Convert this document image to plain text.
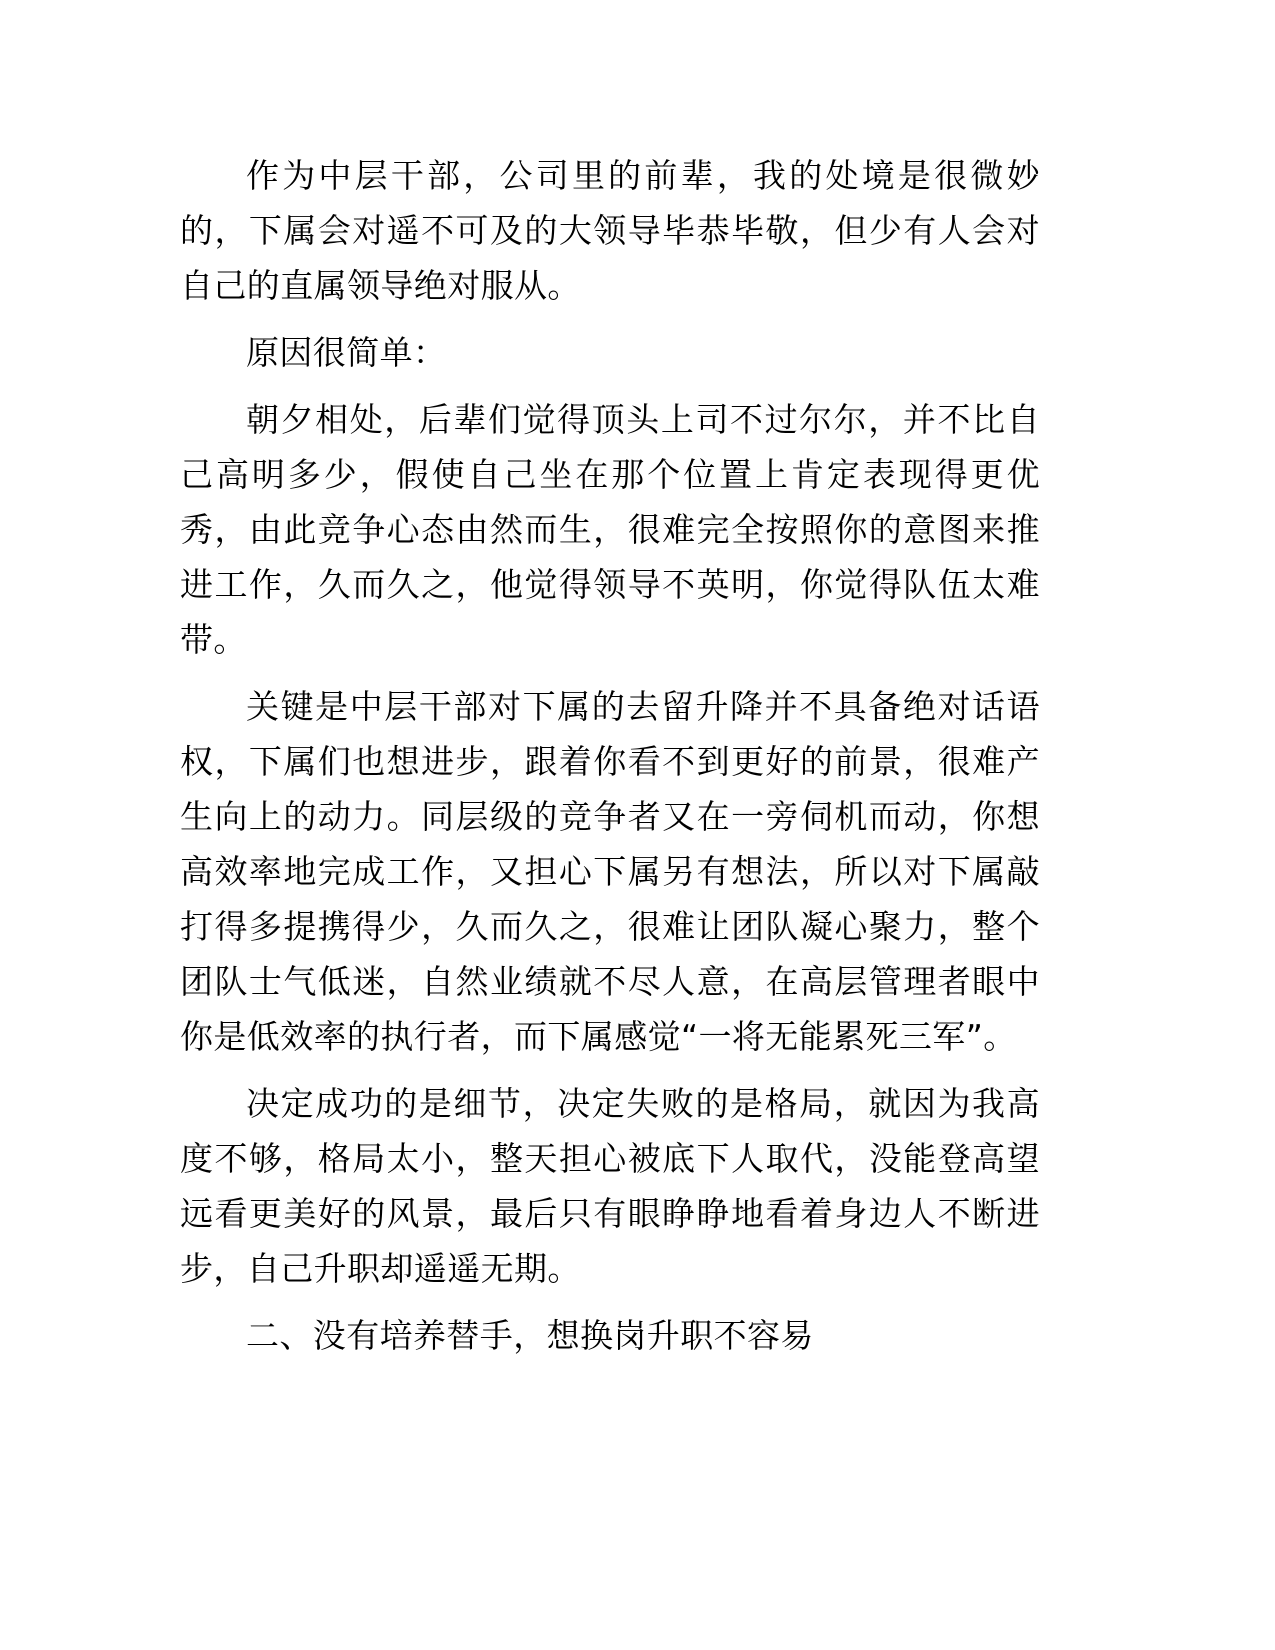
作为中层干部，公司里的前辈，我的处境是很微妙的，下属会对遥不可及的大领导毕恭毕敬，但少有人会对自己的直属领导绝对服从。

原因很简单：

朝夕相处，后辈们觉得顶头上司不过尔尔，并不比自己高明多少，假使自己坐在那个位置上肯定表现得更优秀，由此竞争心态由然而生，很难完全按照你的意图来推进工作，久而久之，他觉得领导不英明，你觉得队伍太难带。

关键是中层干部对下属的去留升降并不具备绝对话语权，下属们也想进步，跟着你看不到更好的前景，很难产生向上的动力。同层级的竞争者又在一旁伺机而动，你想高效率地完成工作，又担心下属另有想法，所以对下属敲打得多提携得少，久而久之，很难让团队凝心聚力，整个团队士气低迷，自然业绩就不尽人意，在高层管理者眼中你是低效率的执行者，而下属感觉“一将无能累死三军”。

决定成功的是细节，决定失败的是格局，就因为我高度不够，格局太小，整天担心被底下人取代，没能登高望远看更美好的风景，最后只有眼睁睁地看着身边人不断进步，自己升职却遥遥无期。

二、没有培养替手，想换岗升职不容易
